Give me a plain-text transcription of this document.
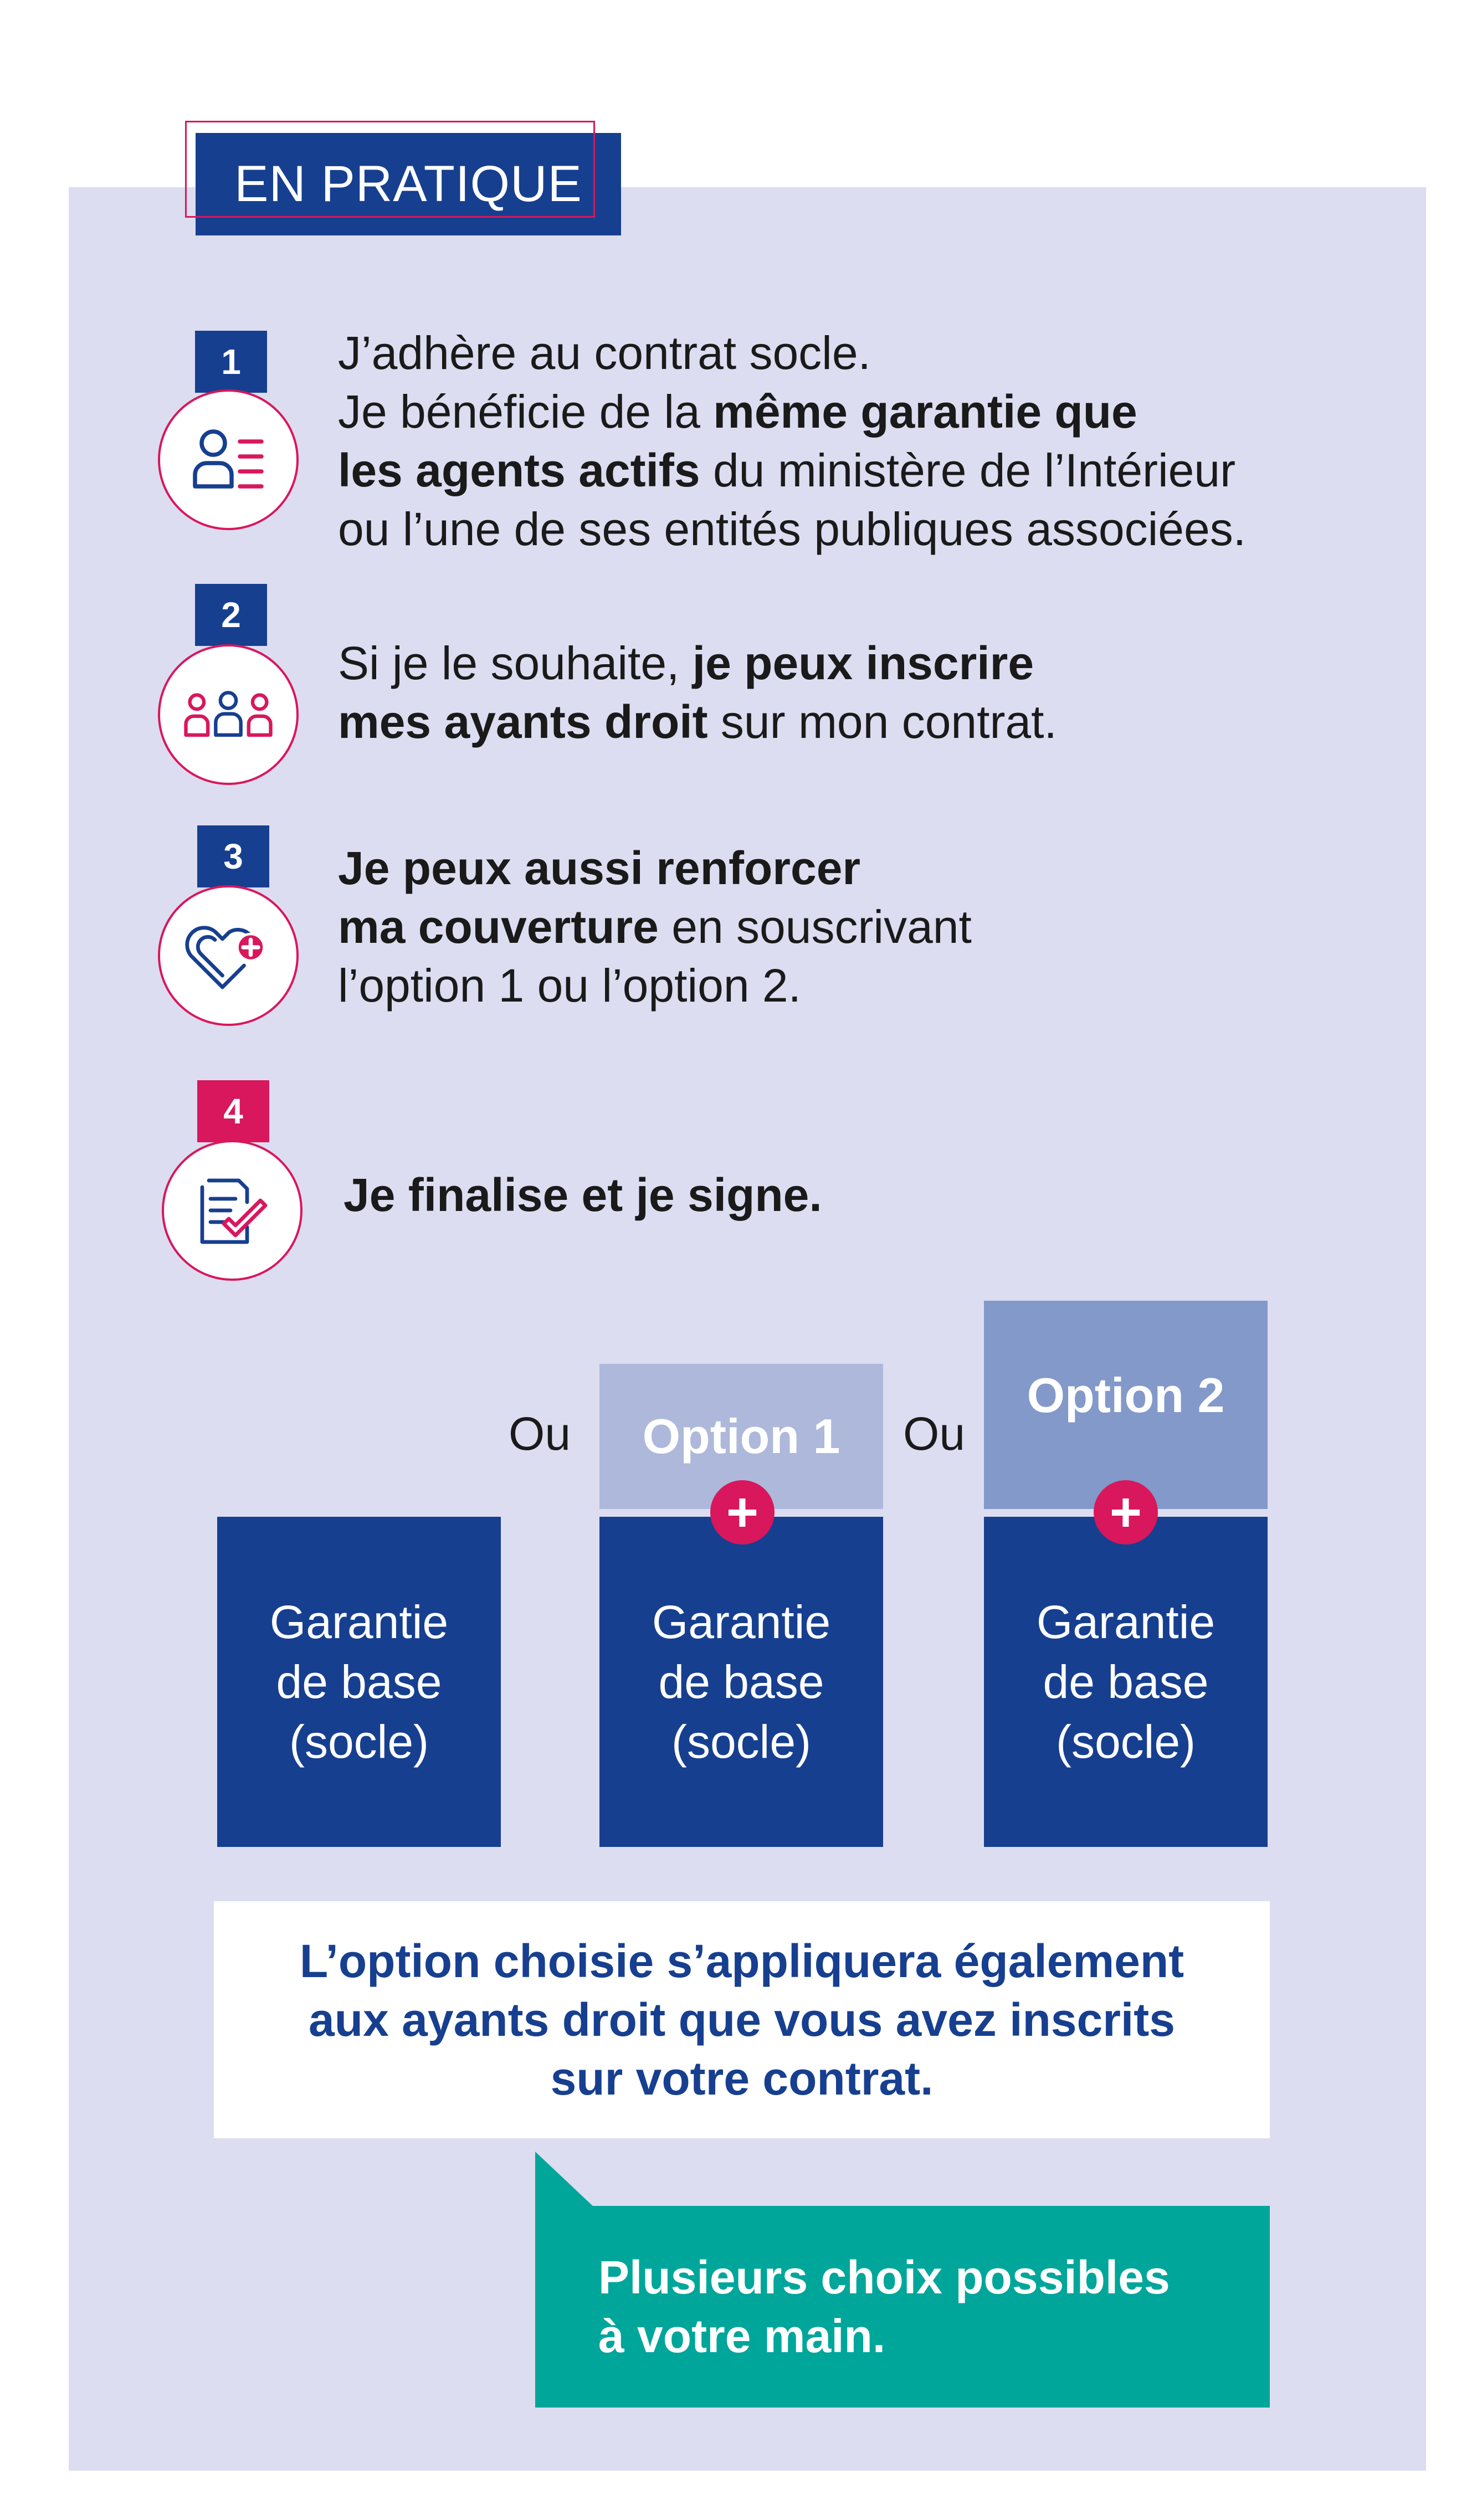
EN PRATIQUE
1 J’adhère au contrat socle.
Je bénéficie de la même garantie que
les agents actifs du ministère de l’Intérieur
ou l’une de ses entités publiques associées.
2
Si je le souhaite, je peux inscrire
mes ayants droit sur mon contrat.
3 Je peux aussi renforcer
ma couverture en souscrivant
l’option 1 ou l’option 2.
4
Je finalise et je signe.
Ou	Ou
Option 1
Option 2
Garantie
de base
(socle)
Garantie
de base
(socle)
Garantie
de base
(socle)
+	+
L’option choisie s’appliquera également
aux ayants droit que vous avez inscrits
sur votre contrat.
Plusieurs choix possibles
à votre main.
